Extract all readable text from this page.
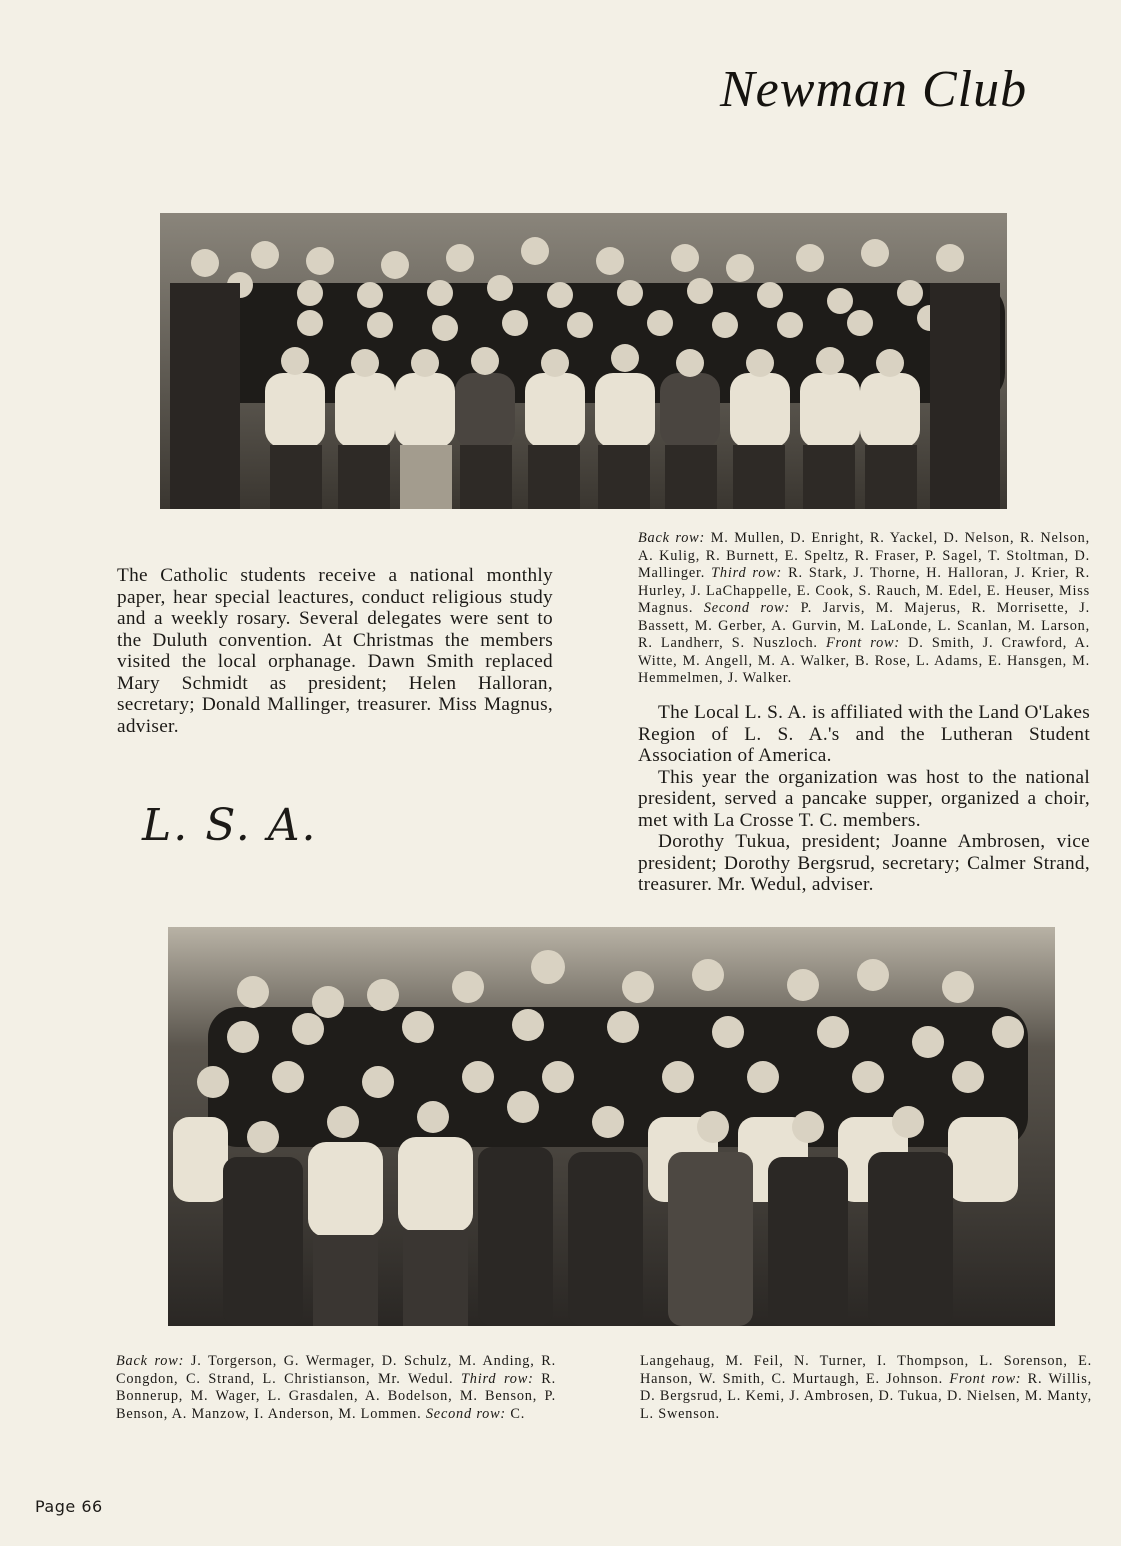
Newman Club
Back row: M. Mullen, D. Enright, R. Yackel, D. Nelson, R. Nelson, A. Kulig, R. Burnett, E. Speltz, R. Fraser, P. Sagel, T. Stoltman, D. Mallinger. Third row: R. Stark, J. Thorne, H. Halloran, J. Krier, R. Hurley, J. LaChappelle, E. Cook, S. Rauch, M. Edel, E. Heuser, Miss Magnus. Second row: P. Jarvis, M. Majerus, R. Morrisette, J. Bassett, M. Gerber, A. Gurvin, M. LaLonde, L. Scanlan, M. Larson, R. Landherr, S. Nuszloch. Front row: D. Smith, J. Crawford, A. Witte, M. Angell, M. A. Walker, B. Rose, L. Adams, E. Hansgen, M. Hemmelmen, J. Walker.
The Catholic students receive a national monthly paper, hear special leactures, conduct religious study and a weekly rosary. Several delegates were sent to the Duluth convention. At Christmas the members visited the local orphanage. Dawn Smith replaced Mary Schmidt as president; Helen Halloran, secretary; Donald Mallinger, treasurer. Miss Magnus, adviser.
L. S. A.

The Local L. S. A. is affiliated with the Land O'Lakes Region of L. S. A.'s and the Lutheran Student Association of America.

This year the organization was host to the national president, served a pancake supper, organized a choir, met with La Crosse T. C. members.

Dorothy Tukua, president; Joanne Ambrosen, vice president; Dorothy Bergsrud, secretary; Calmer Strand, treasurer. Mr. Wedul, adviser.

Back row: J. Torgerson, G. Wermager, D. Schulz, M. Anding, R. Congdon, C. Strand, L. Christianson, Mr. Wedul. Third row: R. Bonnerup, M. Wager, L. Grasdalen, A. Bodelson, M. Benson, P. Benson, A. Manzow, I. Anderson, M. Lommen. Second row: C.
Langehaug, M. Feil, N. Turner, I. Thompson, L. Sorenson, E. Hanson, W. Smith, C. Murtaugh, E. Johnson. Front row: R. Willis, D. Bergsrud, L. Kemi, J. Ambrosen, D. Tukua, D. Nielsen, M. Manty, L. Swenson.
Page 66
